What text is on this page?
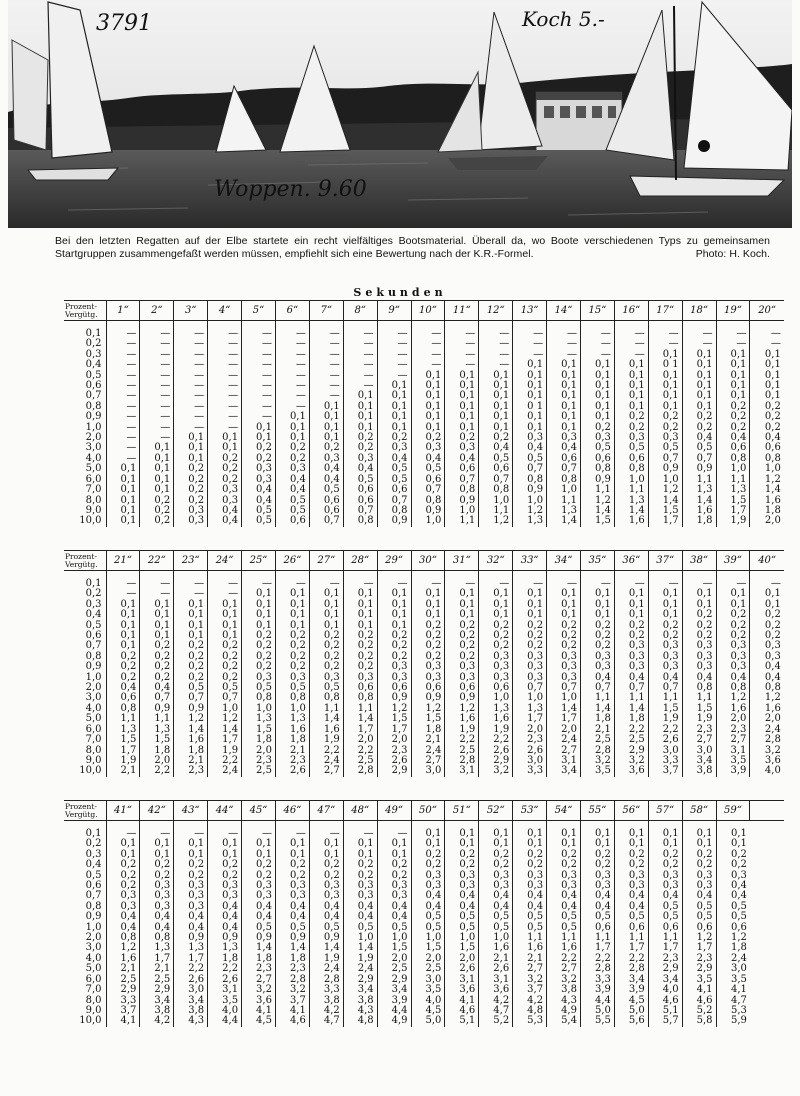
3791	Koch 5.-
Woppen. 9.60
Bei den letzten Regatten auf der Elbe startete ein recht vielfältiges Bootsmaterial. Überall da, wo Boote verschiedenen Typs zu gemeinsamen Startgruppen zusammengefaßt werden müssen, empfiehlt sich eine Bewertung nach der K.R.-Formel.	Photo: H. Koch.
Sekunden
Prozent-Vergütg.	1“	2“	3“	4“	5“	6“	7“	8“	9“	10“	11“	12“	13“	14“	15“	16“	17“	18“	19“	20“

0,1	—	—	—	—	—	—	—	—	—	—	—	—	—	—	—	—	—	—	—	—
0,2	—	—	—	—	—	—	—	—	—	—	—	—	—	—	—	—	—	—	—	—
0,3	—	—	—	—	—	—	—	—	—	—	—	—	—	—	—	—	0,1	0,1	0,1	0,1
0,4	—	—	—	—	—	—	—	—	—	—	—	—	0,1	0,1	0,1	0,1	0 1	0,1	0,1	0,1
0,5	—	—	—	—	—	—	—	—	—	0,1	0,1	0,1	0,1	0,1	0,1	0,1	0,1	0,1	0,1	0,1
0,6	—	—	—	—	—	—	—	—	0,1	0,1	0,1	0,1	0,1	0,1	0,1	0,1	0,1	0,1	0,1	0,1
0,7	—	—	—	—	—	—	—	0,1	0,1	0,1	0,1	0,1	0,1	0,1	0,1	0,1	0,1	0,1	0,1	0,1
0,8	—	—	—	—	—	—	0,1	0,1	0,1	0,1	0,1	0,1	0 1	0,1	0,1	0,1	0,1	0,1	0,2	0,2
0,9	—	—	—	—	—	0,1	0,1	0,1	0,1	0,1	0,1	0,1	0,1	0,1	0,1	0,2	0,2	0,2	0,2	0,2
1,0	—	—	—	—	0,1	0,1	0,1	0,1	0,1	0,1	0,1	0,1	0,1	0,1	0,2	0,2	0,2	0,2	0,2	0,2
2,0	—	—	0,1	0,1	0,1	0,1	0,1	0,2	0,2	0,2	0,2	0,2	0,3	0,3	0,3	0,3	0,3	0,4	0,4	0,4
3,0	—	0,1	0,1	0,1	0,2	0,2	0,2	0,2	0,3	0,3	0,3	0,4	0,4	0,4	0,5	0,5	0,5	0,5	0,6	0,6
4,0	—	0,1	0,1	0,2	0,2	0,2	0,3	0,3	0,4	0,4	0,4	0,5	0,5	0,6	0,6	0,6	0,7	0,7	0,8	0,8
5,0	0,1	0,1	0,2	0,2	0,3	0,3	0,4	0,4	0,5	0,5	0,6	0,6	0,7	0,7	0,8	0,8	0,9	0,9	1,0	1,0
6,0	0,1	0,1	0,2	0,2	0,3	0,4	0,4	0,5	0,5	0,6	0,7	0,7	0,8	0,8	0,9	1,0	1,0	1,1	1,1	1,2
7,0	0,1	0,1	0,2	0,3	0,4	0,4	0,5	0,6	0,6	0,7	0,8	0,8	0,9	1,0	1,1	1,1	1,2	1,3	1,3	1,4
8,0	0,1	0,2	0,2	0,3	0,4	0,5	0,6	0,6	0,7	0,8	0,9	1,0	1,0	1,1	1,2	1,3	1,4	1,4	1,5	1,6
9,0	0,1	0,2	0,3	0,4	0,5	0,5	0,6	0,7	0,8	0,9	1,0	1,1	1,2	1,3	1,4	1,4	1,5	1,6	1,7	1,8
10,0	0,1	0,2	0,3	0,4	0,5	0,6	0,7	0,8	0,9	1,0	1,1	1,2	1,3	1,4	1,5	1,6	1,7	1,8	1,9	2,0
Prozent-Vergütg.	21“	22“	23“	24“	25“	26“	27“	28“	29“	30“	31“	32“	33“	34“	35“	36“	37“	38“	39“	40“

0,1	—	—	—	—	—	—	—	—	—	—	—	—	—	—	—	—	—	—	—	—
0,2	—	—	—	—	0,1	0,1	0,1	0,1	0,1	0,1	0,1	0,1	0,1	0,1	0,1	0,1	0,1	0,1	0,1	0,1
0,3	0,1	0,1	0,1	0,1	0,1	0,1	0,1	0,1	0,1	0,1	0,1	0,1	0,1	0,1	0,1	0,1	0,1	0,1	0,1	0,1
0,4	0,1	0,1	0,1	0,1	0,1	0,1	0,1	0,1	0,1	0,1	0,1	0,1	0,1	0,1	0,1	0,1	0,1	0,2	0,2	0,2
0,5	0,1	0,1	0,1	0,1	0,1	0,1	0,1	0,1	0,1	0,2	0,2	0,2	0,2	0,2	0,2	0,2	0,2	0,2	0,2	0,2
0,6	0,1	0,1	0,1	0,1	0,2	0,2	0,2	0,2	0,2	0,2	0,2	0,2	0,2	0,2	0,2	0,2	0,2	0,2	0,2	0,2
0,7	0,1	0,2	0,2	0,2	0,2	0,2	0,2	0,2	0,2	0,2	0,2	0,2	0,2	0,2	0,2	0,3	0,3	0,3	0,3	0,3
0,8	0,2	0,2	0,2	0,2	0,2	0,2	0,2	0,2	0,2	0,2	0,2	0,3	0,3	0,3	0,3	0,3	0,3	0,3	0,3	0,3
0,9	0,2	0,2	0,2	0,2	0,2	0,2	0,2	0,2	0,3	0,3	0,3	0,3	0,3	0,3	0,3	0,3	0,3	0,3	0,3	0,4
1,0	0,2	0,2	0,2	0,2	0,3	0,3	0,3	0,3	0,3	0,3	0,3	0,3	0,3	0,3	0,4	0,4	0,4	0,4	0,4	0,4
2,0	0,4	0,4	0,5	0,5	0,5	0,5	0,5	0,6	0,6	0,6	0,6	0,6	0,7	0,7	0,7	0,7	0,7	0,8	0,8	0,8
3,0	0,6	0,7	0,7	0,7	0,8	0,8	0,8	0,8	0,9	0,9	0,9	1,0	1,0	1,0	1,1	1,1	1,1	1,1	1,2	1,2
4,0	0,8	0,9	0,9	1,0	1,0	1,0	1,1	1,1	1,2	1,2	1,2	1,3	1,3	1,4	1,4	1,4	1,5	1,5	1,6	1,6
5,0	1,1	1,1	1,2	1,2	1,3	1,3	1,4	1,4	1,5	1,5	1,6	1,6	1,7	1,7	1,8	1,8	1,9	1,9	2,0	2,0
6,0	1,3	1,3	1,4	1,4	1,5	1,6	1,6	1,7	1,7	1,8	1,9	1,9	2,0	2,0	2,1	2,2	2,2	2,3	2,3	2,4
7,0	1,5	1,5	1,6	1,7	1,8	1,8	1,9	2,0	2,0	2,1	2,2	2,2	2,3	2,4	2,5	2,5	2,6	2,7	2,7	2,8
8,0	1,7	1,8	1,8	1,9	2,0	2,1	2,2	2,2	2,3	2,4	2,5	2,6	2,6	2,7	2,8	2,9	3,0	3,0	3,1	3,2
9,0	1,9	2,0	2,1	2,2	2,3	2,3	2,4	2,5	2,6	2,7	2,8	2,9	3,0	3,1	3,2	3,2	3,3	3,4	3,5	3,6
10,0	2,1	2,2	2,3	2,4	2,5	2,6	2,7	2,8	2,9	3,0	3,1	3,2	3,3	3,4	3,5	3,6	3,7	3,8	3,9	4,0
Prozent-Vergütg.	41“	42“	43“	44“	45“	46“	47“	48“	49“	50“	51“	52“	53“	54“	55“	56“	57“	58“	59“	

0,1	—	—	—	—	—	—	—	—	—	0,1	0,1	0,1	0,1	0,1	0,1	0,1	0,1	0,1	0,1	
0,2	0,1	0,1	0,1	0,1	0,1	0,1	0,1	0,1	0,1	0,1	0,1	0,1	0,1	0,1	0,1	0,1	0,1	0,1	0,1	
0,3	0,1	0,1	0,1	0,1	0,1	0,1	0,1	0,1	0,1	0,2	0,2	0,2	0,2	0,2	0,2	0,2	0,2	0,2	0,2	
0,4	0,2	0,2	0,2	0,2	0,2	0,2	0,2	0,2	0,2	0,2	0,2	0,2	0,2	0,2	0,2	0,2	0,2	0,2	0,2	
0,5	0,2	0,2	0,2	0,2	0,2	0,2	0,2	0,2	0,2	0,3	0,3	0,3	0,3	0,3	0,3	0,3	0,3	0,3	0,3	
0,6	0,2	0,3	0,3	0,3	0,3	0,3	0,3	0,3	0,3	0,3	0,3	0,3	0,3	0,3	0,3	0,3	0,3	0,3	0,4	
0,7	0,3	0,3	0,3	0,3	0,3	0,3	0,3	0,3	0,3	0,4	0,4	0,4	0,4	0,4	0,4	0,4	0,4	0,4	0,4	
0,8	0,3	0,3	0,3	0,4	0,4	0,4	0,4	0,4	0,4	0,4	0,4	0,4	0,4	0,4	0,4	0,4	0,5	0,5	0,5	
0,9	0,4	0,4	0,4	0,4	0,4	0,4	0,4	0,4	0,4	0,5	0,5	0,5	0,5	0,5	0,5	0,5	0,5	0,5	0,5	
1,0	0,4	0,4	0,4	0,4	0,5	0,5	0,5	0,5	0,5	0,5	0,5	0,5	0,5	0,5	0,6	0,6	0,6	0,6	0,6	
2,0	0,8	0,8	0,9	0,9	0,9	0,9	0,9	1,0	1,0	1,0	1,0	1,0	1,1	1,1	1,1	1,1	1,1	1,2	1,2	
3,0	1,2	1,3	1,3	1,3	1,4	1,4	1,4	1,4	1,5	1,5	1,5	1,6	1,6	1,6	1,7	1,7	1,7	1,7	1,8	
4,0	1,6	1,7	1,7	1,8	1,8	1,8	1,9	1,9	2,0	2,0	2,0	2,1	2,1	2,2	2,2	2,2	2,3	2,3	2,4	
5,0	2,1	2,1	2,2	2,2	2,3	2,3	2,4	2,4	2,5	2,5	2,6	2,6	2,7	2,7	2,8	2,8	2,9	2,9	3,0	
6,0	2,5	2,5	2,6	2,6	2,7	2,8	2,8	2,9	2,9	3,0	3,1	3,1	3,2	3,2	3,3	3,4	3,4	3,5	3,5	
7,0	2,9	2,9	3,0	3,1	3,2	3,2	3,3	3,4	3,4	3,5	3,6	3,6	3,7	3,8	3,9	3,9	4,0	4,1	4,1	
8,0	3,3	3,4	3,4	3,5	3,6	3,7	3,8	3,8	3,9	4,0	4,1	4,2	4,2	4,3	4,4	4,5	4,6	4,6	4,7	
9,0	3,7	3,8	3,8	4,0	4,1	4,1	4,2	4,3	4,4	4,5	4,6	4,7	4,8	4,9	5,0	5,0	5,1	5,2	5,3	
10,0	4,1	4,2	4,3	4,4	4,5	4,6	4,7	4,8	4,9	5,0	5,1	5,2	5,3	5,4	5,5	5,6	5,7	5,8	5,9	
